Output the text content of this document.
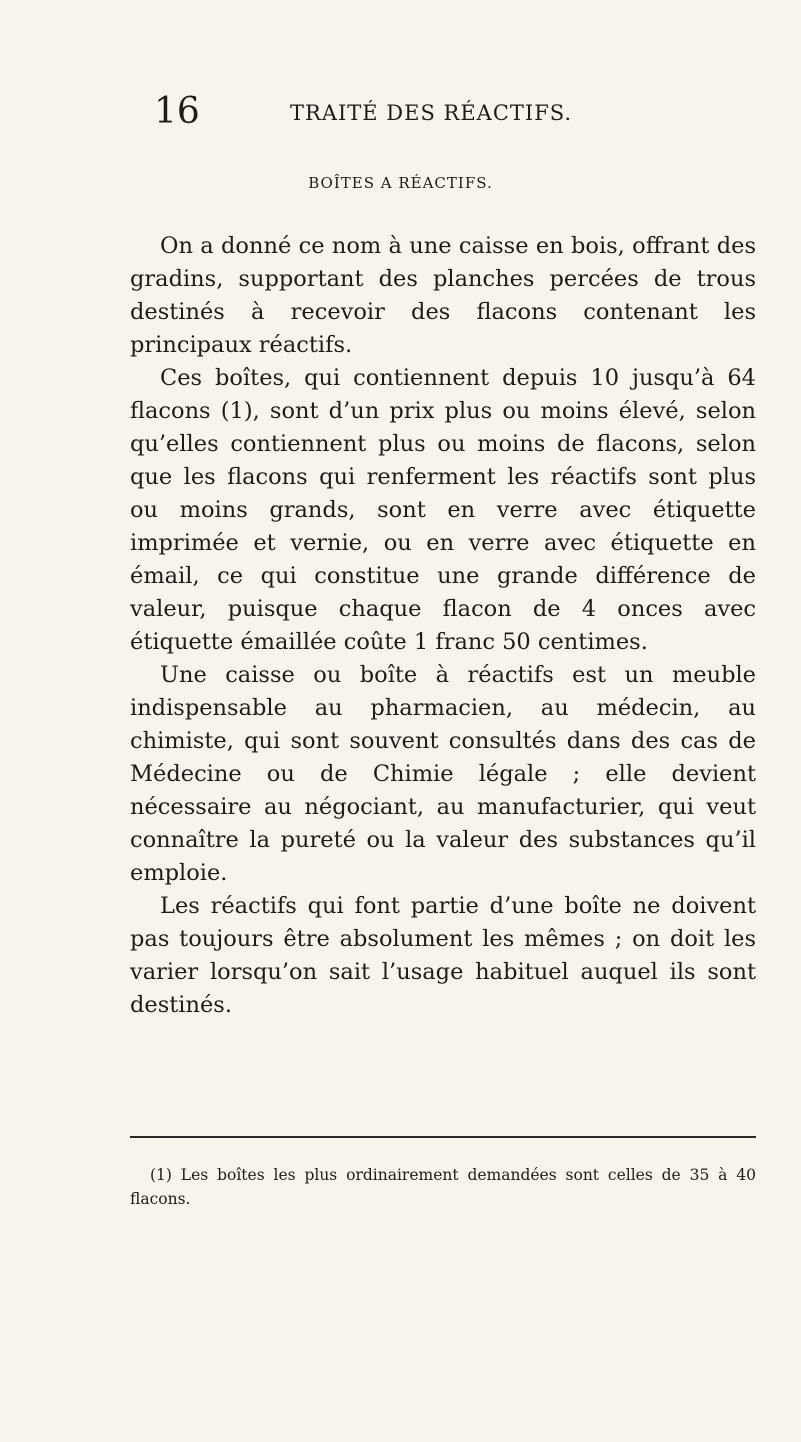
16	TRAITÉ DES RÉACTIFS.
BOÎTES A RÉACTIFS.

On a donné ce nom à une caisse en bois, offrant des gradins, supportant des planches percées de trous destinés à recevoir des flacons contenant les principaux réactifs.

Ces boîtes, qui contiennent depuis 10 jusqu’à 64 flacons (1), sont d’un prix plus ou moins élevé, selon qu’elles contiennent plus ou moins de flacons, selon que les flacons qui renferment les réactifs sont plus ou moins grands, sont en verre avec étiquette imprimée et vernie, ou en verre avec étiquette en émail, ce qui constitue une grande différence de valeur, puisque chaque flacon de 4 onces avec étiquette émaillée coûte 1 franc 50 centimes.

Une caisse ou boîte à réactifs est un meuble indispensable au pharmacien, au médecin, au chimiste, qui sont souvent consultés dans des cas de Médecine ou de Chimie légale ; elle devient nécessaire au négociant, au manufacturier, qui veut connaître la pureté ou la valeur des substances qu’il emploie.

Les réactifs qui font partie d’une boîte ne doivent pas toujours être absolument les mêmes ; on doit les varier lorsqu’on sait l’usage habituel auquel ils sont destinés.

(1) Les boîtes les plus ordinairement demandées sont celles de 35 à 40 flacons.
